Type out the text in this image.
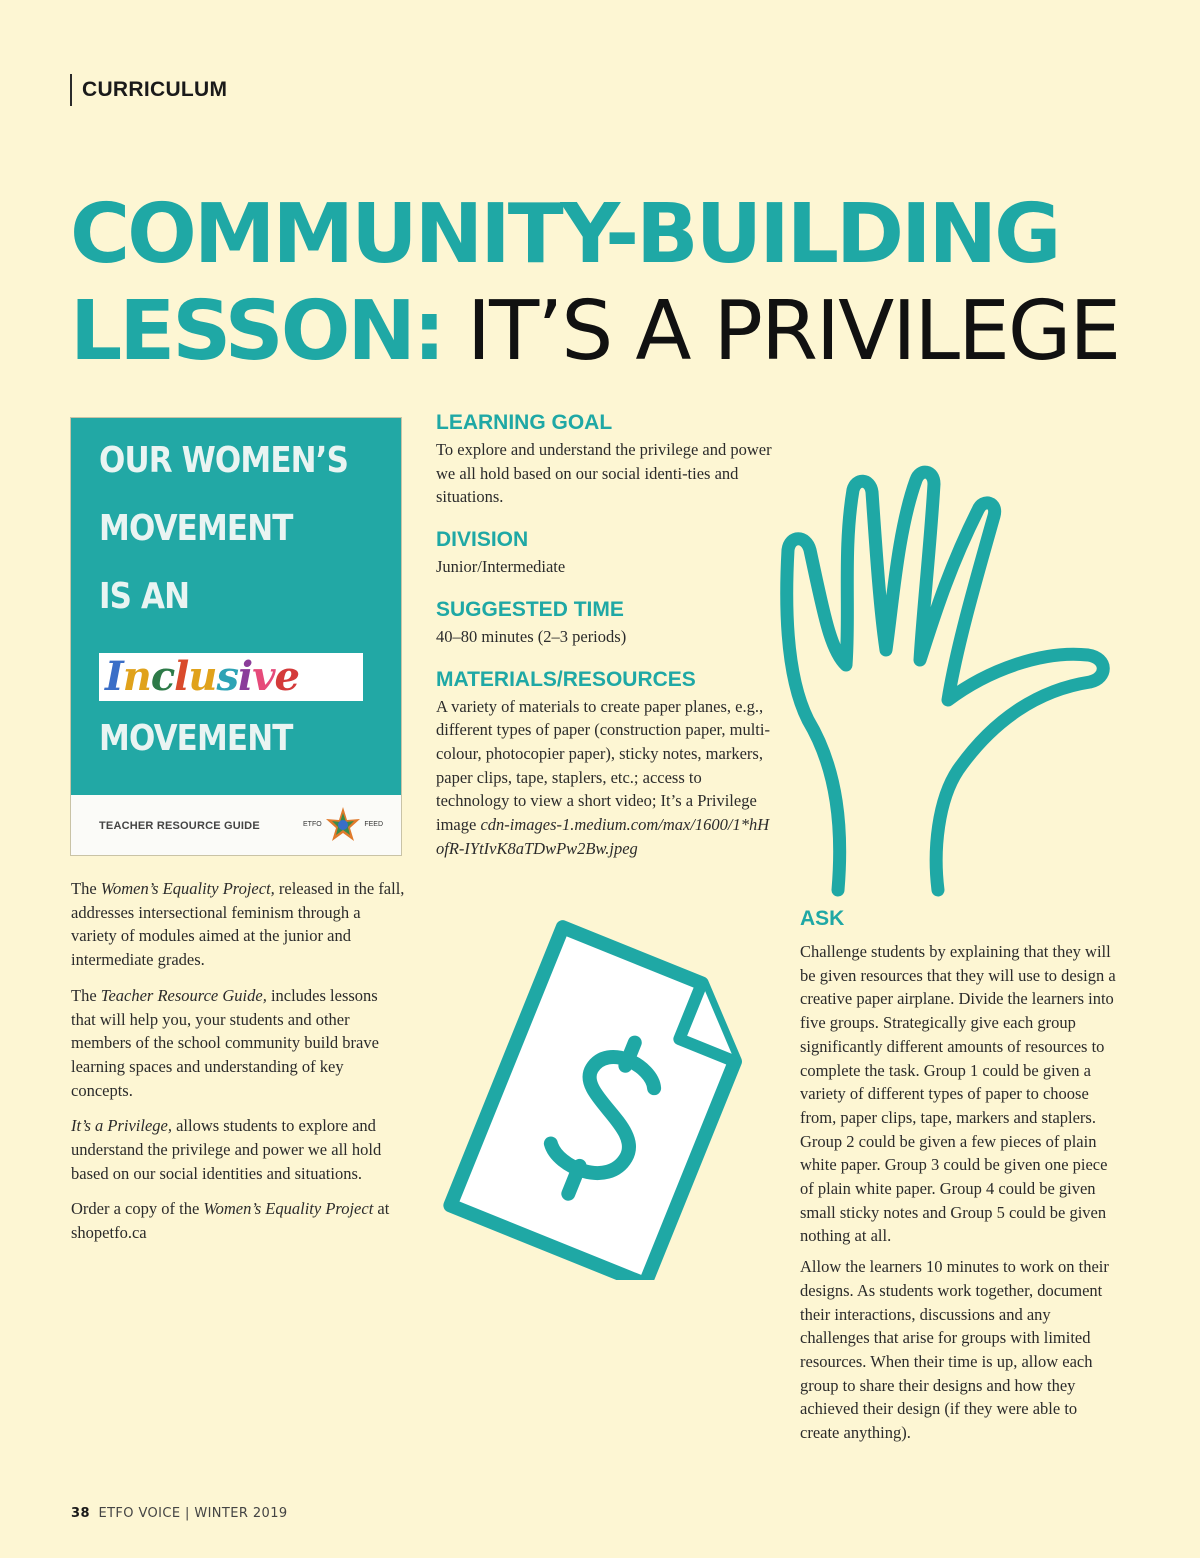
CURRICULUM
COMMUNITY-BUILDING
LESSON: IT’S A PRIVILEGE
OUR WOMEN’S
MOVEMENT
IS AN
Inclusive
MOVEMENT
TEACHER RESOURCE GUIDE	ETFO	FEED
LEARNING GOAL

To explore and understand the privilege and power we all hold based on our social identi-ties and situations.

DIVISION

Junior/Intermediate

SUGGESTED TIME

40–80 minutes (2–3 periods)

MATERIALS/RESOURCES

A variety of materials to create paper planes, e.g., different types of paper (construction paper, multi-colour, photocopier paper), sticky notes, markers, paper clips, tape, staplers, etc.; access to technology to view a short video; It’s a Privilege image cdn-images-1.medium.com/max/1600/1*hHofR-IYtIvK8aTDwPw2Bw.jpeg

The Women’s Equality Project, released in the fall, addresses intersectional feminism through a variety of modules aimed at the junior and intermediate grades.

The Teacher Resource Guide, includes lessons that will help you, your students and other members of the school community build brave learning spaces and understanding of key concepts.

It’s a Privilege, allows students to explore and understand the privilege and power we all hold based on our social identities and situations.

Order a copy of the Women’s Equality Project at shopetfo.ca

ASK

Challenge students by explaining that they will be given resources that they will use to design a creative paper airplane. Divide the learners into five groups. Strategically give each group significantly different amounts of resources to complete the task. Group 1 could be given a variety of different types of paper to choose from, paper clips, tape, markers and staplers. Group 2 could be given a few pieces of plain white paper. Group 3 could be given one piece of plain white paper. Group 4 could be given small sticky notes and Group 5 could be given nothing at all.

Allow the learners 10 minutes to work on their designs. As students work together, document their interactions, discussions and any challenges that arise for groups with limited resources. When their time is up, allow each group to share their designs and how they achieved their design (if they were able to create anything).

38 ETFO VOICE | WINTER 2019
